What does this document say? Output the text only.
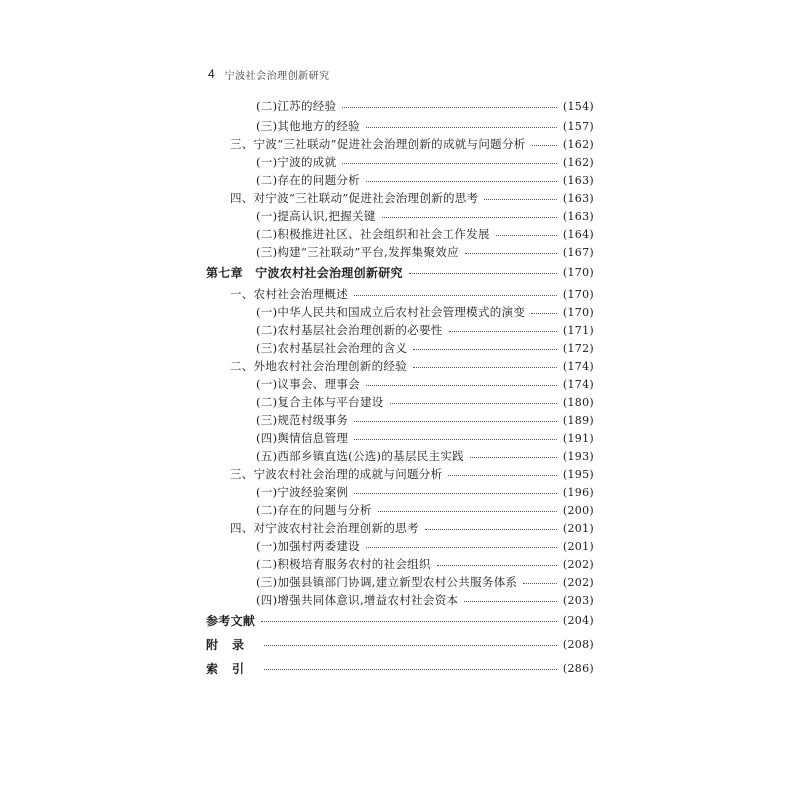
4 宁波社会治理创新研究
(二)江苏的经验	(154)
(三)其他地方的经验	(157)
三、宁波“三社联动”促进社会治理创新的成就与问题分析	(162)
(一)宁波的成就	(162)
(二)存在的问题分析	(163)
四、对宁波“三社联动”促进社会治理创新的思考	(163)
(一)提高认识,把握关键	(163)
(二)积极推进社区、社会组织和社会工作发展	(164)
(三)构建“三社联动”平台,发挥集聚效应	(167)
第七章　宁波农村社会治理创新研究	(170)
一、农村社会治理概述	(170)
(一)中华人民共和国成立后农村社会管理模式的演变	(170)
(二)农村基层社会治理创新的必要性	(171)
(三)农村基层社会治理的含义	(172)
二、外地农村社会治理创新的经验	(174)
(一)议事会、理事会	(174)
(二)复合主体与平台建设	(180)
(三)规范村级事务	(189)
(四)舆情信息管理	(191)
(五)西部乡镇直选(公选)的基层民主实践	(193)
三、宁波农村社会治理的成就与问题分析	(195)
(一)宁波经验案例	(196)
(二)存在的问题与分析	(200)
四、对宁波农村社会治理创新的思考	(201)
(一)加强村两委建设	(201)
(二)积极培育服务农村的社会组织	(202)
(三)加强县镇部门协调,建立新型农村公共服务体系	(202)
(四)增强共同体意识,增益农村社会资本	(203)
参考文献	(204)
附录	(208)
索引	(286)
